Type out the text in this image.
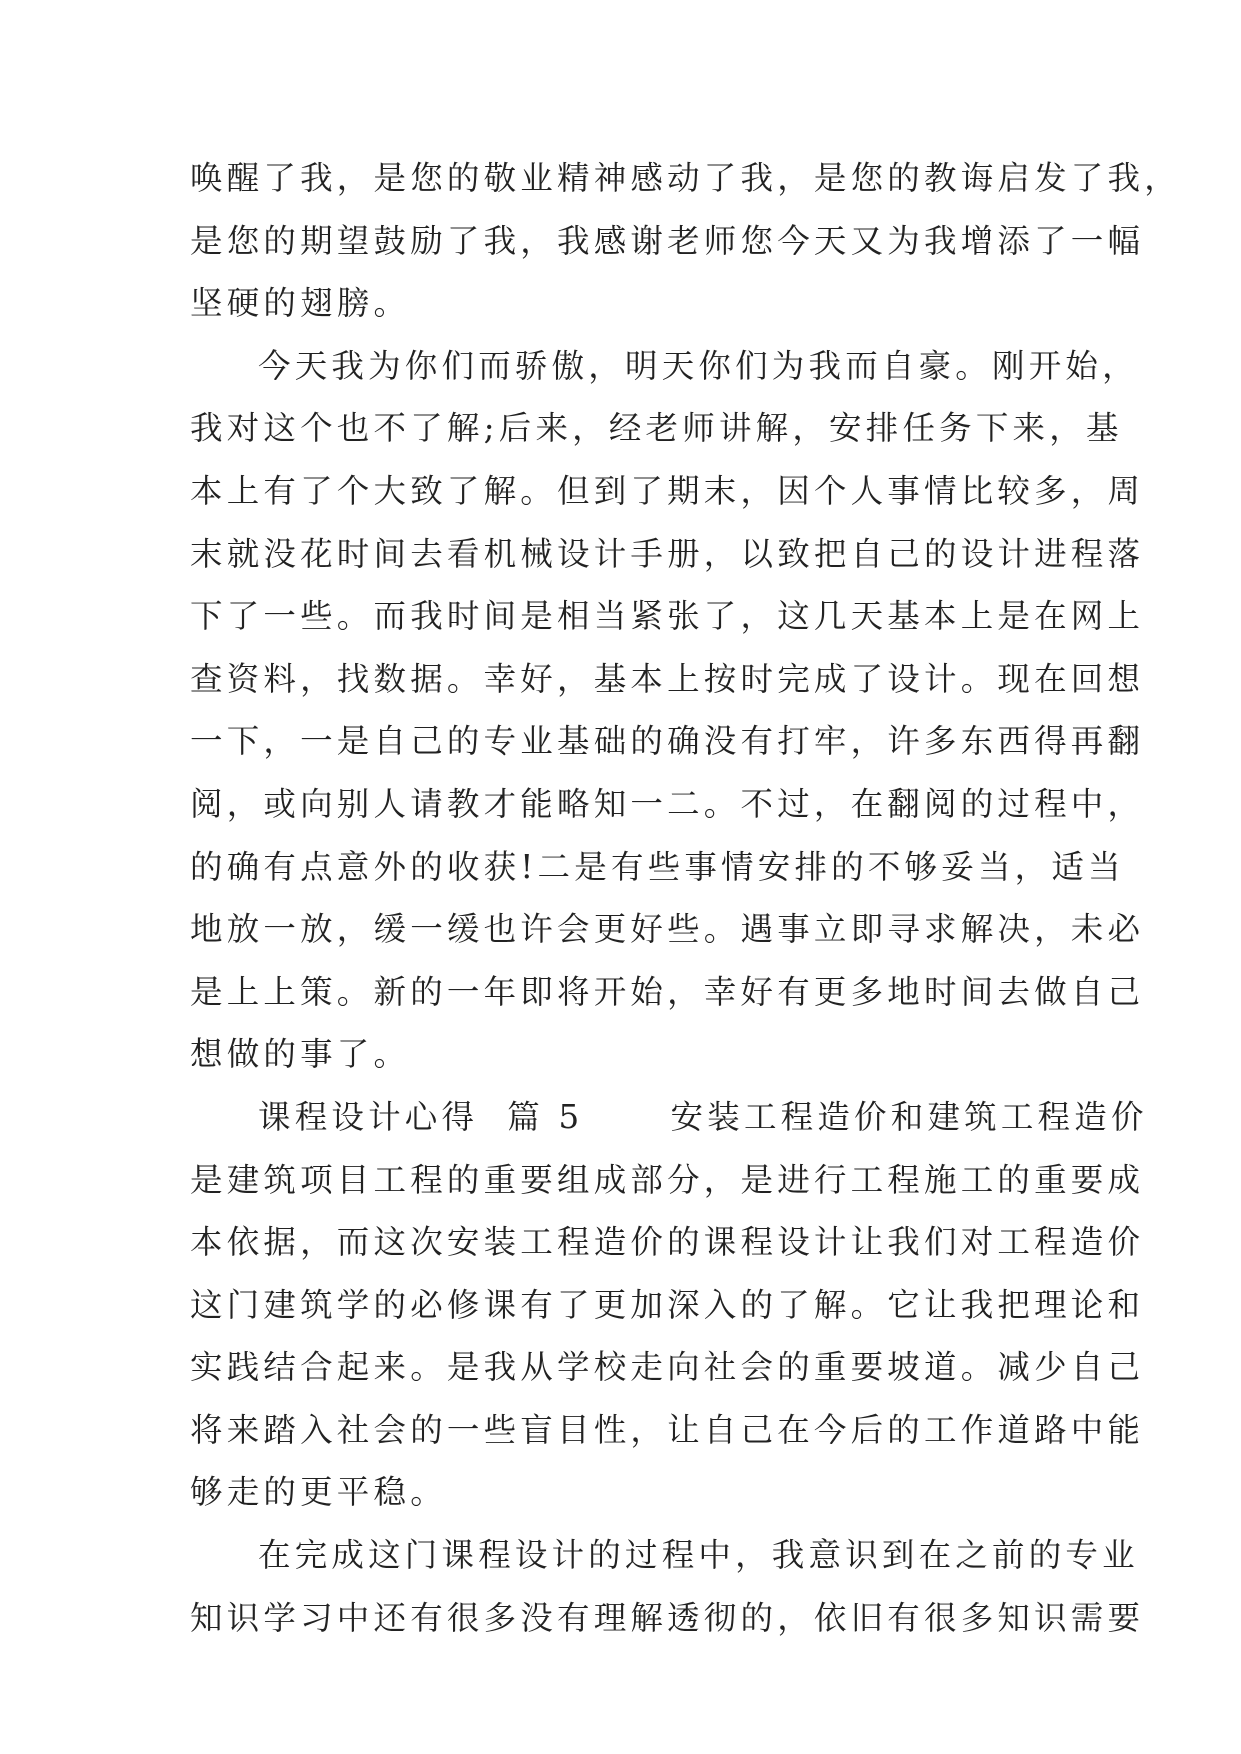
唤醒了我，是您的敬业精神感动了我，是您的教诲启发了我，
是您的期望鼓励了我，我感谢老师您今天又为我增添了一幅
坚硬的翅膀。
今天我为你们而骄傲，明天你们为我而自豪。刚开始，
我对这个也不了解;后来，经老师讲解，安排任务下来，基
本上有了个大致了解。但到了期末，因个人事情比较多，周
末就没花时间去看机械设计手册，以致把自己的设计进程落
下了一些。而我时间是相当紧张了，这几天基本上是在网上
查资料，找数据。幸好，基本上按时完成了设计。现在回想
一下，一是自己的专业基础的确没有打牢，许多东西得再翻
阅，或向别人请教才能略知一二。不过，在翻阅的过程中，
的确有点意外的收获!二是有些事情安排的不够妥当，适当
地放一放，缓一缓也许会更好些。遇事立即寻求解决，未必
是上上策。新的一年即将开始，幸好有更多地时间去做自己
想做的事了。
课程设计心得  篇 5      安装工程造价和建筑工程造价
是建筑项目工程的重要组成部分，是进行工程施工的重要成
本依据，而这次安装工程造价的课程设计让我们对工程造价
这门建筑学的必修课有了更加深入的了解。它让我把理论和
实践结合起来。是我从学校走向社会的重要坡道。减少自己
将来踏入社会的一些盲目性，让自己在今后的工作道路中能
够走的更平稳。
在完成这门课程设计的过程中，我意识到在之前的专业
知识学习中还有很多没有理解透彻的，依旧有很多知识需要
